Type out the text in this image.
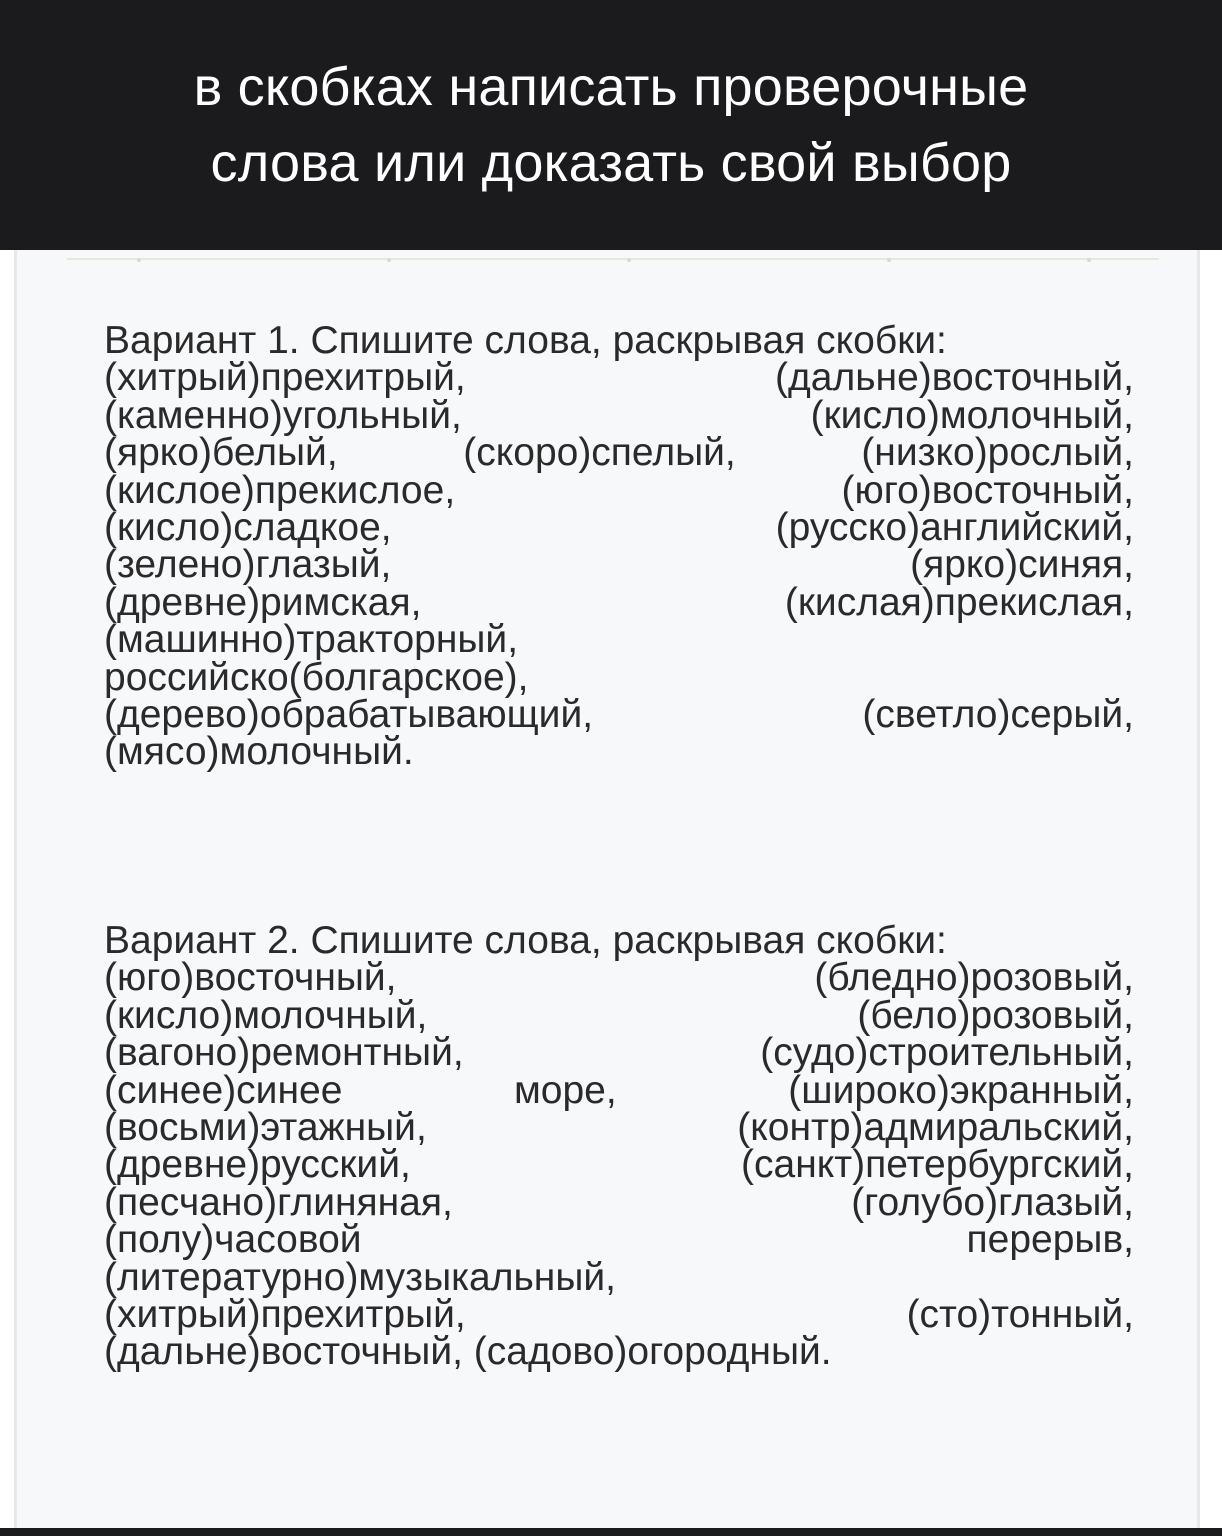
в скобках написать проверочные
слова или доказать свой выбор
Вариант 1. Спишите слова, раскрывая скобки:
(хитрый)прехитрый,	(дальне)восточный,
(каменно)угольный,	(кисло)молочный,
(ярко)белый,	(скоро)спелый,	(низко)рослый,
(кислое)прекислое,	(юго)восточный,
(кисло)сладкое,	(русско)английский,
(зелено)глазый,	(ярко)синяя,
(древне)римская,	(кислая)прекислая,
(машинно)тракторный,
российско(болгарское),
(дерево)обрабатывающий,	(светло)серый,
(мясо)молочный.
Вариант 2. Спишите слова, раскрывая скобки:
(юго)восточный,	(бледно)розовый,
(кисло)молочный,	(бело)розовый,
(вагоно)ремонтный,	(судо)строительный,
(синее)синее	море,	(широко)экранный,
(восьми)этажный,	(контр)адмиральский,
(древне)русский,	(санкт)петербургский,
(песчано)глиняная,	(голубо)глазый,
(полу)часовой	перерыв,
(литературно)музыкальный,
(хитрый)прехитрый,	(сто)тонный,
(дальне)восточный, (садово)огородный.
